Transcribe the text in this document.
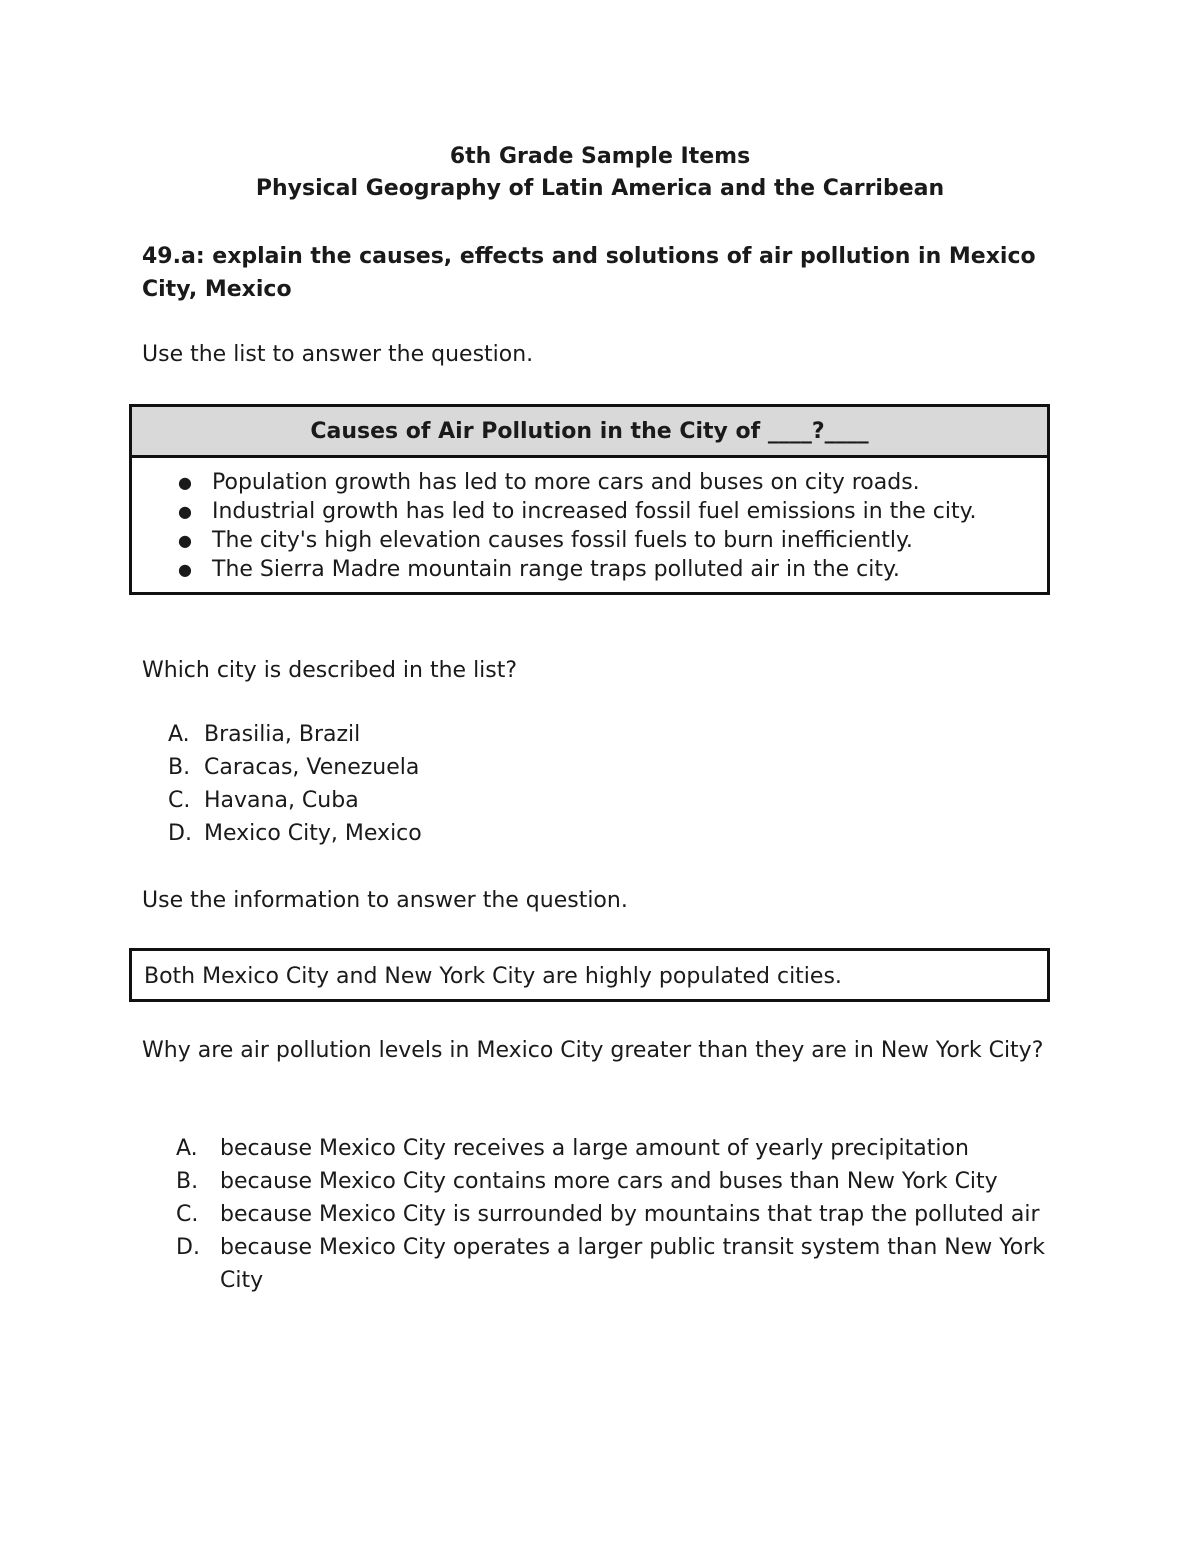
6th Grade Sample Items
Physical Geography of Latin America and the Carribean
49.a: explain the causes, effects and solutions of air pollution in Mexico City, Mexico
Use the list to answer the question.
Causes of Air Pollution in the City of ____?____
● Population growth has led to more cars and buses on city roads.
● Industrial growth has led to increased fossil fuel emissions in the city.
● The city's high elevation causes fossil fuels to burn inefficiently.
● The Sierra Madre mountain range traps polluted air in the city.
Which city is described in the list?
A. Brasilia, Brazil
B. Caracas, Venezuela
C. Havana, Cuba
D. Mexico City, Mexico
Use the information to answer the question.
Both Mexico City and New York City are highly populated cities.
Why are air pollution levels in Mexico City greater than they are in New York City?
A. because Mexico City receives a large amount of yearly precipitation
B. because Mexico City contains more cars and buses than New York City
C. because Mexico City is surrounded by mountains that trap the polluted air
D. because Mexico City operates a larger public transit system than New York City
